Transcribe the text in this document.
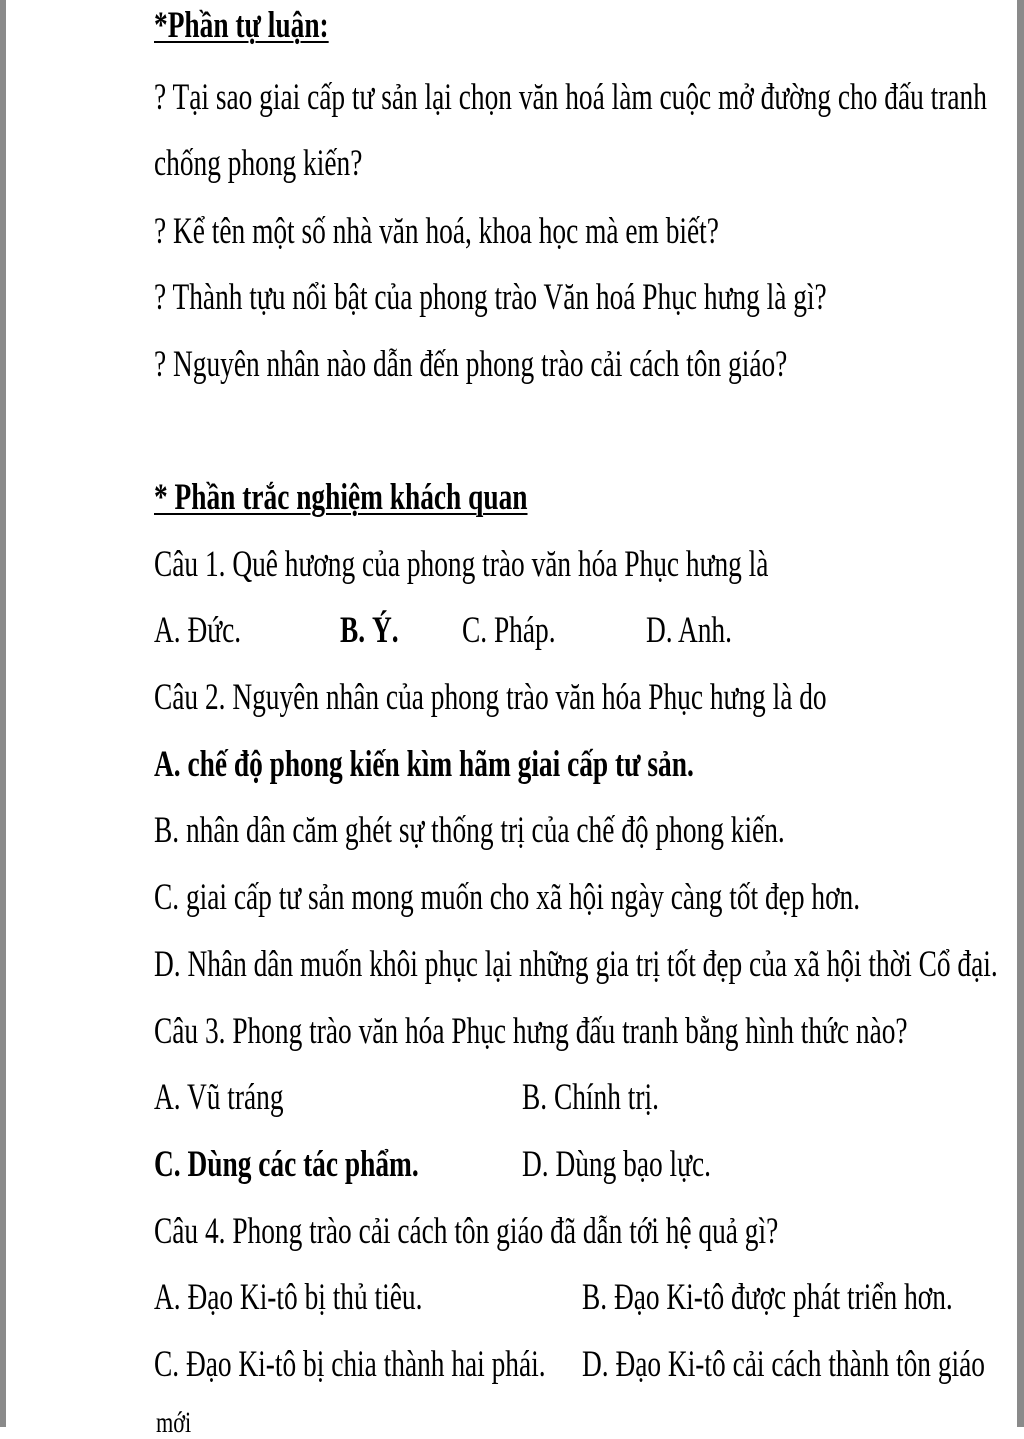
*Phần tự luận:
? Tại sao giai cấp tư sản lại chọn văn hoá làm cuộc mở đường cho đấu tranh
chống phong kiến?
? Kể tên một số nhà văn hoá, khoa học mà em biết?
? Thành tựu nổi bật của phong trào Văn hoá Phục hưng là gì?
? Nguyên nhân nào dẫn đến phong trào cải cách tôn giáo?
* Phần trắc nghiệm khách quan
Câu 1. Quê hương của phong trào văn hóa Phục hưng là
A. Đức.	B. Ý. C. Pháp. D. Anh.
Câu 2. Nguyên nhân của phong trào văn hóa Phục hưng là do
A. chế độ phong kiến kìm hãm giai cấp tư sản.
B. nhân dân căm ghét sự thống trị của chế độ phong kiến.
C. giai cấp tư sản mong muốn cho xã hội ngày càng tốt đẹp hơn.
D. Nhân dân muốn khôi phục lại những gia trị tốt đẹp của xã hội thời Cổ đại.
Câu 3. Phong trào văn hóa Phục hưng đấu tranh bằng hình thức nào?
A. Vũ tráng	B. Chính trị.
C. Dùng các tác phẩm.	D. Dùng bạo lực.
Câu 4. Phong trào cải cách tôn giáo đã dẫn tới hệ quả gì?
A. Đạo Ki-tô bị thủ tiêu.	B. Đạo Ki-tô được phát triển hơn.
C. Đạo Ki-tô bị chia thành hai phái. D. Đạo Ki-tô cải cách thành tôn giáo
mới
